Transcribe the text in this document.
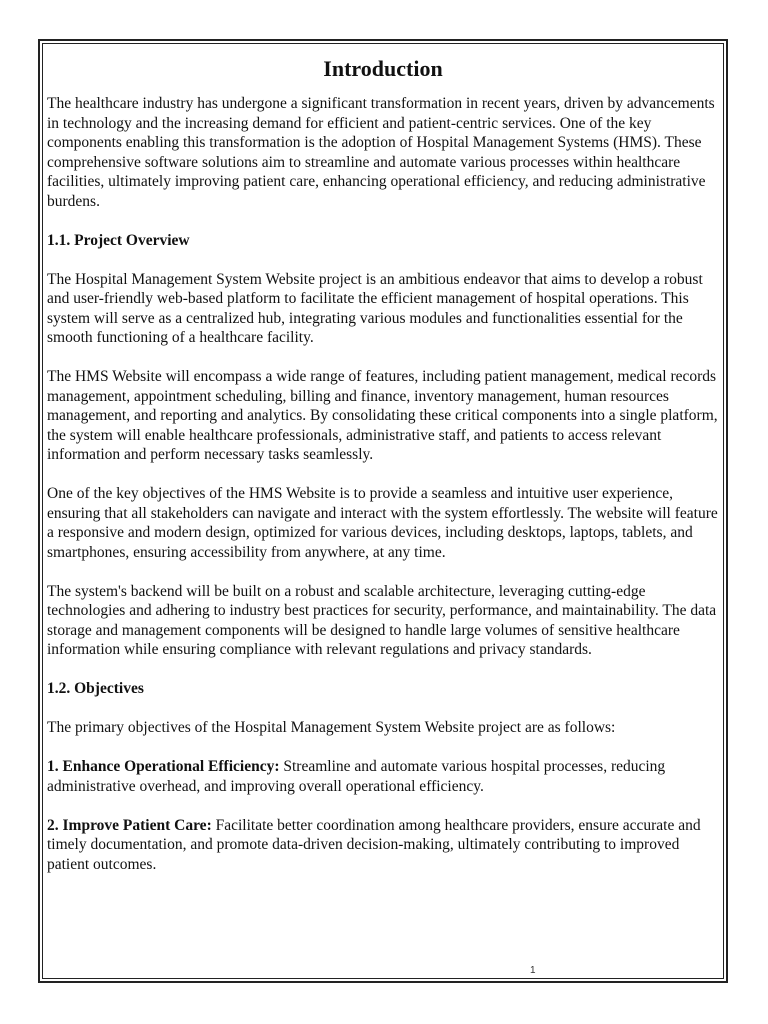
Introduction

The healthcare industry has undergone a significant transformation in recent years, driven by advancements in technology and the increasing demand for efficient and patient-centric services. One of the key components enabling this transformation is the adoption of Hospital Management Systems (HMS). These comprehensive software solutions aim to streamline and automate various processes within healthcare facilities, ultimately improving patient care, enhancing operational efficiency, and reducing administrative burdens.

1.1. Project Overview

The Hospital Management System Website project is an ambitious endeavor that aims to develop a robust and user-friendly web-based platform to facilitate the efficient management of hospital operations. This system will serve as a centralized hub, integrating various modules and functionalities essential for the smooth functioning of a healthcare facility.

The HMS Website will encompass a wide range of features, including patient management, medical records management, appointment scheduling, billing and finance, inventory management, human resources management, and reporting and analytics. By consolidating these critical components into a single platform, the system will enable healthcare professionals, administrative staff, and patients to access relevant information and perform necessary tasks seamlessly.

One of the key objectives of the HMS Website is to provide a seamless and intuitive user experience, ensuring that all stakeholders can navigate and interact with the system effortlessly. The website will feature a responsive and modern design, optimized for various devices, including desktops, laptops, tablets, and smartphones, ensuring accessibility from anywhere, at any time.

The system's backend will be built on a robust and scalable architecture, leveraging cutting-edge technologies and adhering to industry best practices for security, performance, and maintainability. The data storage and management components will be designed to handle large volumes of sensitive healthcare information while ensuring compliance with relevant regulations and privacy standards.

1.2. Objectives

The primary objectives of the Hospital Management System Website project are as follows:

1. Enhance Operational Efficiency: Streamline and automate various hospital processes, reducing administrative overhead, and improving overall operational efficiency.

2. Improve Patient Care: Facilitate better coordination among healthcare providers, ensure accurate and timely documentation, and promote data-driven decision-making, ultimately contributing to improved patient outcomes.

1
